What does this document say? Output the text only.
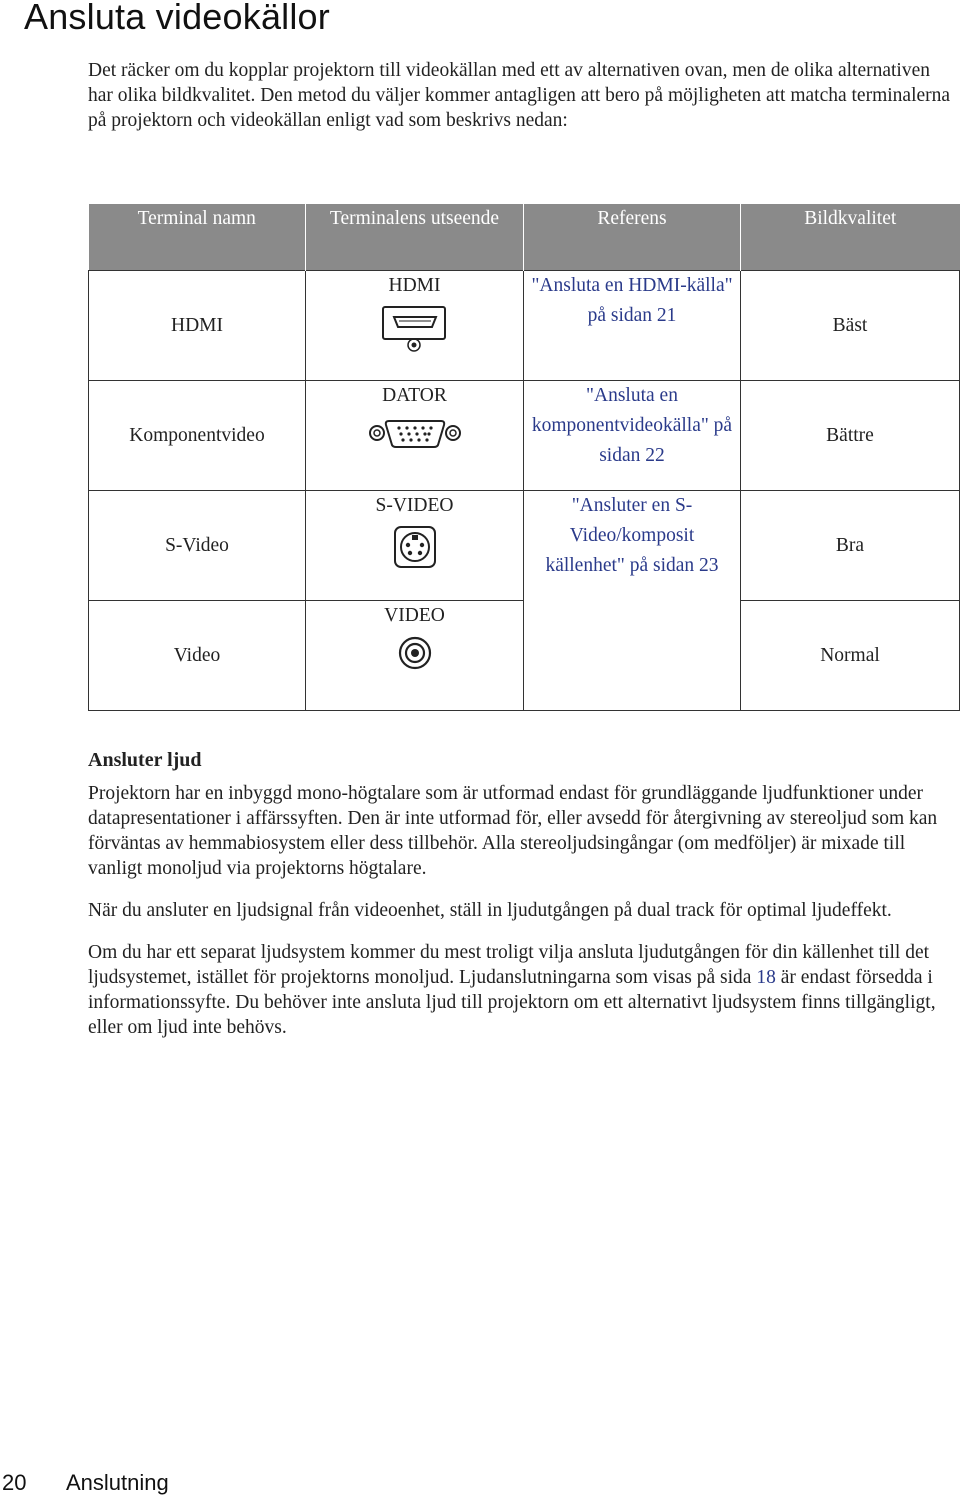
Ansluta videokällor

Det räcker om du kopplar projektorn till videokällan med ett av alternativen ovan, men de olika alternativen har olika bildkvalitet. Den metod du väljer kommer antagligen att bero på möjligheten att matcha terminalerna på projektorn och videokällan enligt vad som beskrivs nedan:

Terminal namn	Terminalens utseende	Referens	Bildkvalitet
HDMI	HDMI	"Ansluta en HDMI-källa" på sidan 21	Bäst
Komponentvideo	DATOR	"Ansluta en komponentvideokälla" på sidan 22	Bättre
S-Video	S-VIDEO	"Ansluter en S-Video/komposit källenhet" på sidan 23	Bra
Video	VIDEO		Normal
Ansluter ljud

Projektorn har en inbyggd mono-högtalare som är utformad endast för grundläggande ljudfunktioner under datapresentationer i affärssyften. Den är inte utformad för, eller avsedd för återgivning av stereoljud som kan förväntas av hemmabiosystem eller dess tillbehör. Alla stereoljudsingångar (om medföljer) är mixade till vanligt monoljud via projektorns högtalare.

När du ansluter en ljudsignal från videoenhet, ställ in ljudutgången på dual track för optimal ljudeffekt.

Om du har ett separat ljudsystem kommer du mest troligt vilja ansluta ljudutgången för din källenhet till det ljudsystemet, istället för projektorns monoljud. Ljudanslutningarna som visas på sida 18 är endast försedda i informationssyfte. Du behöver inte ansluta ljud till projektorn om ett alternativt ljudsystem finns tillgängligt, eller om ljud inte behövs.

20 Anslutning
